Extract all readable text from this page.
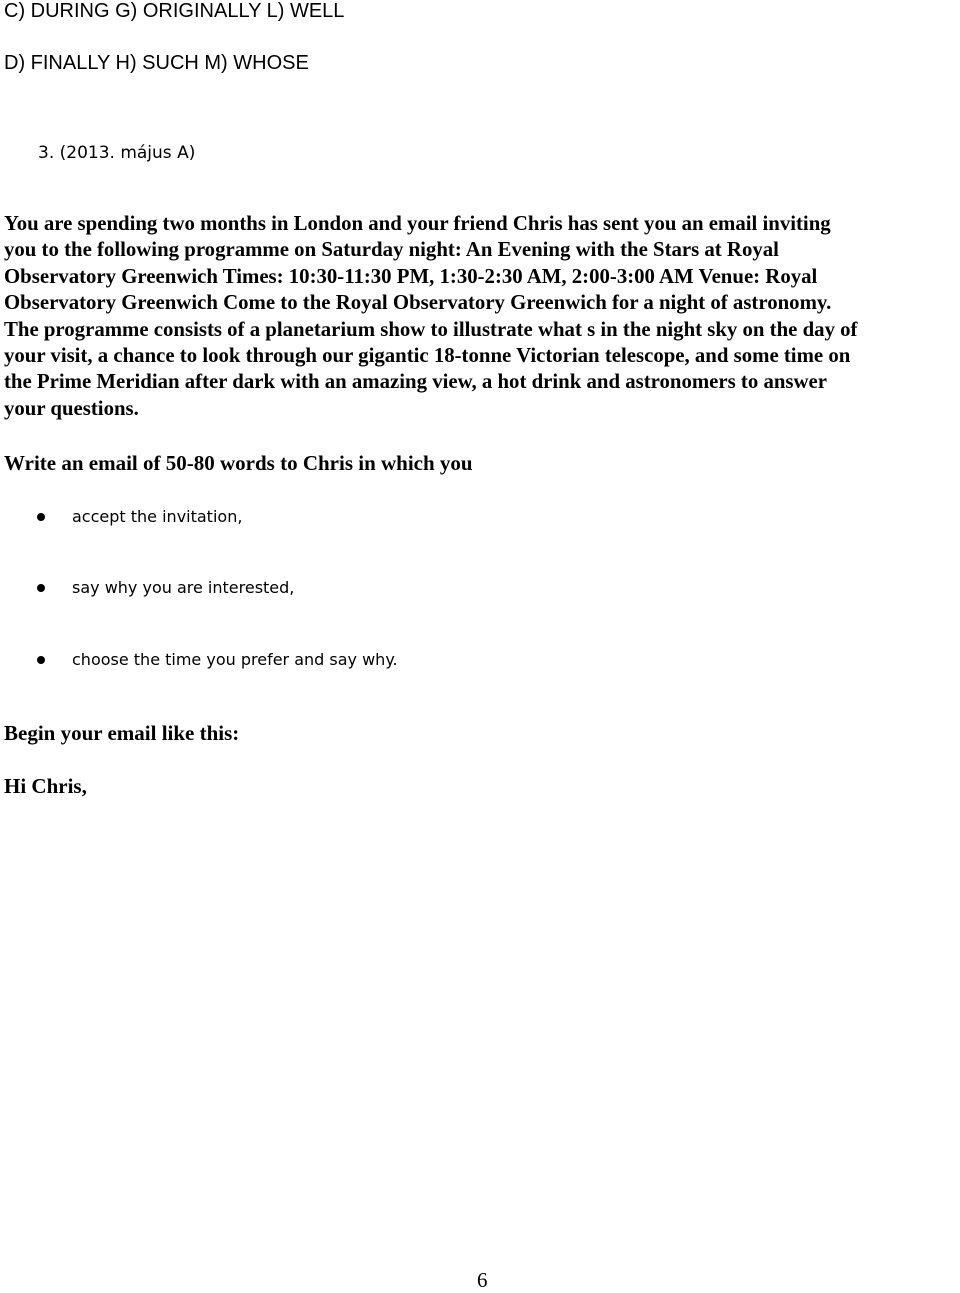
C) DURING G) ORIGINALLY L) WELL
D) FINALLY H) SUCH M) WHOSE
3. (2013. május A)
You are spending two months in London and your friend Chris has sent you an email inviting
you to the following programme on Saturday night: An Evening with the Stars at Royal
Observatory Greenwich Times: 10:30-11:30 PM, 1:30-2:30 AM, 2:00-3:00 AM Venue: Royal
Observatory Greenwich Come to the Royal Observatory Greenwich for a night of astronomy.
The programme consists of a planetarium show to illustrate what s in the night sky on the day of
your visit, a chance to look through our gigantic 18-tonne Victorian telescope, and some time on
the Prime Meridian after dark with an amazing view, a hot drink and astronomers to answer
your questions.
Write an email of 50-80 words to Chris in which you
accept the invitation,
say why you are interested,
choose the time you prefer and say why.
Begin your email like this:
Hi Chris,
6
